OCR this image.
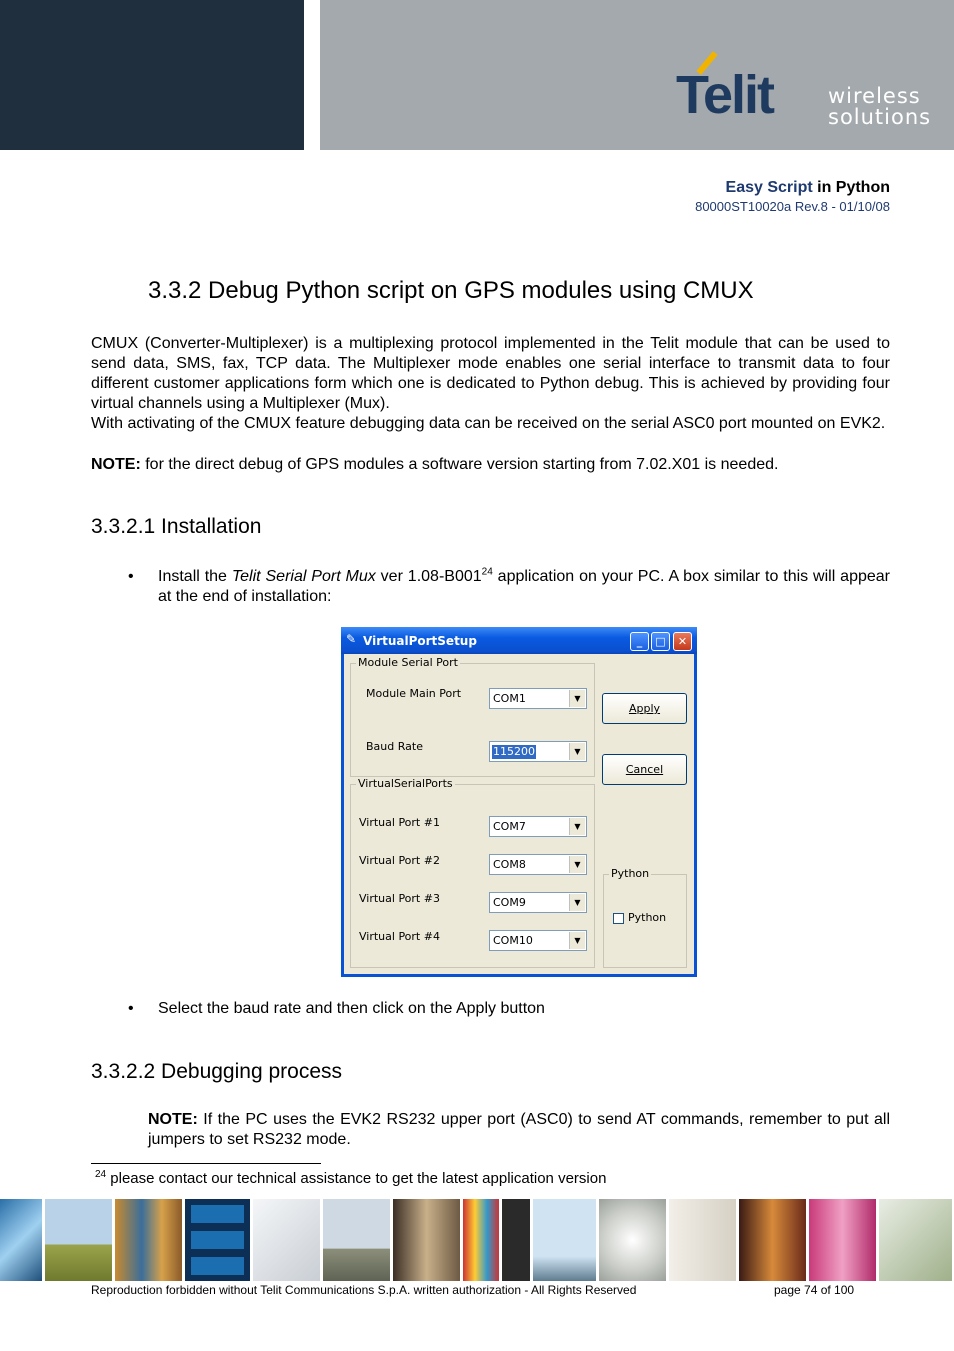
Telit	wireless
solutions
Easy Script in Python
80000ST10020a Rev.8 - 01/10/08
3.3.2 Debug Python script on GPS modules using CMUX

CMUX (Converter-Multiplexer) is a multiplexing protocol implemented in the Telit module that can be used to send data, SMS, fax, TCP data. The Multiplexer mode enables one serial interface to transmit data to four different customer applications form which one is dedicated to Python debug. This is achieved by providing four virtual channels using a Multiplexer (Mux).

With activating of the CMUX feature debugging data can be received on the serial ASC0 port mounted on EVK2.

NOTE: for the direct debug of GPS modules a software version starting from 7.02.X01 is needed.

3.3.2.1 Installation
• Install the Telit Serial Port Mux ver $1.08-B001^{24}$ application on your PC. A box similar to this will appear at the end of installation:
✎ VirtualPortSetup	_	□	✕
Module Serial Port
Module Main Port	COM1	▼
Baud Rate	115200	▼
VirtualSerialPorts
Virtual Port #1	COM7	▼
Virtual Port #2	COM8	▼
Virtual Port #3	COM9	▼
Virtual Port #4	COM10	▼
Apply
Cancel
Python
Python
• Select the baud rate and then click on the Apply button
3.3.2.2 Debugging process

NOTE: If the PC uses the EVK2 RS232 upper port (ASC0) to send AT commands, remember to put all jumpers to set RS232 mode.

$^{24}$ please contact our technical assistance to get the latest application version
Reproduction forbidden without Telit Communications S.p.A. written authorization - All Rights Reserved	page 74 of 100
